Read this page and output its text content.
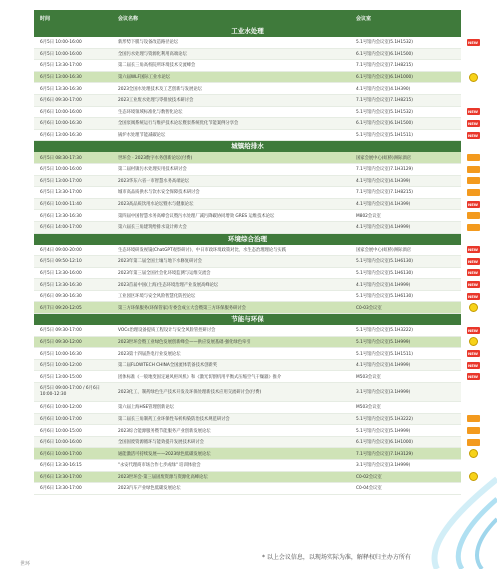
时间	会议名称	会议室
工业水处理
6月5日 10:00-16:00	新形势下膜与设备改造路径论坛	5.1号馆内会议室(5.1H1532)	NEW
6月5日 10:00-16:00	全国污水处理与资源化利用高端论坛	6.1号馆内会议室(6.1H1500)
6月5日 13:30-17:00	第二届长三角高校院所环境技术交流峰会	7.1号馆内会议室(7.1H8215)
6月5日 13:00-16:30	第六届WLF国际工业水论坛	6.1号馆内会议室(6.1H1000)
6月5日 13:30-16:30	2023全国水处理技术及工艺创新与发展论坛	4.1号馆内会议室(4.1H390)
6月6日 09:30-17:00	2023工业废水处理与零排放技术研讨会	7.1号馆内会议室(7.1H8215)
6月6日 10:00-16:00	生态环境领域标准化与数智化论坛	5.1号馆内会议室(5.1H1532)	NEW
6月6日 10:00-16:30	全国泵阀系统运行与维护技术论坛暨泵系统优化节能案例分享会	6.1号馆内会议室(6.1H1500)	NEW
6月6日 13:00-16:30	锅炉水处理节能减碳论坛	5.1号馆内会议室(5.1H1511)	NEW
城镇给排水
6月5日 08:30-17:30	世环会 · 2023数字水务创新论坛(付费)	国家会展中心(虹桥)洲际酒店
6月5日 10:00-16:00	第二届村镇污水处理实用技术研讨会	7.1号馆内会议室(7.1H3129)
6月5日 13:00-17:00	2023华东六省一市智慧水务高端论坛	4.1号馆内会议室(4.1H399)
6月5日 13:30-17:00	城市高品质供水与饮水安全保障技术研讨会	7.1号馆内会议室(7.1H8215)
6月6日 10:00-11:40	2023高品质饮用水论坛暨水与健康论坛	4.1号馆内会议室(4.1H399)	NEW
6月6日 13:30-16:30	第四届中国智慧水务高峰会议暨污水处理厂减污降碳协同增效 GRES 运维技术论坛	M802会议室
6月6日 14:00-17:00	第六届长三角建筑给排水设计师大会	4.1号馆内会议室(4.1H999)
环境综合治理
6月4日 09:00-20:00	生态环境研发视镜(ChatGPT观察研讨)、中日市政环境政策对比、水生态治理理论与实践	国家会展中心(虹桥)洲际酒店	NEW
6月5日 09:50-12:10	2023年第二届全国土壤与地下水修复研讨会	5.1号馆内会议室(5.1H6130)	NEW
6月5日 13:30-16:00	2023年第三届全国社会化环境监测与运维交流会	5.1号馆内会议室(5.1H6130)	NEW
6月5日 13:30-16:30	2023首届中国(上海)生态环境治理产业发展高峰论坛	4.1号馆内会议室(4.1H999)	NEW
6月6日 09:30-16:30	工业园区环境与安全风险智慧化防控论坛	5.1号馆内会议室(5.1H6130)	NEW
6月7日 09:20-12:05	第三方环保服务(环保管家)专委会成立大会暨第三方环保服务研讨会	C0-03会议室
节能与环保
6月5日 09:30-17:00	VOCs治理设备提质工程设计与安全风险管控研讨会	5.1号馆内会议室(5.1H3222)	NEW
6月5日 09:30-12:00	2023世环会暨工业绿色发展创新峰会——供应发展基础·强化绿色牵引	5.1号馆内会议室(5.1H999)
6月5日 10:00-16:30	2023第十四届热电行业发展论坛	5.1号馆内会议室(5.1H1511)	NEW
6月5日 10:00-12:00	第二届FLOWTECH CHINA全国流体装备技术创新奖	4.1号馆内会议室(4.1H999)	NEW
6月5日 13:00-15:00	团体标准《一般地变固定通风柜风机》和《激光切割机用平衡式压缩空气干燥器》推介	M503会议室	NEW
6月5日 09:00-17:00 / 6月6日 10:00-12:30	2023化工、制药绿色生产技术开发及环保处理新技术应用交流研讨会(付费)	3.1号馆内会议室(3.1H999)
6月6日 10:00-12:00	第六届上海HSE管理创新论坛	M503会议室
6月6日 10:00-17:00	第二届长三角制药工业环保性布析构染防治技术规范研讨会	5.1号馆内会议室(5.1H3222)
6月6日 10:00-15:00	2023综合能源服务暨节能服务产业创新发展论坛	5.1号馆内会议室(5.1H999)
6月6日 10:00-16:00	全国固废资源循环与能效提升发展技术研讨会	6.1号馆内会议室(6.1H1000)
6月6日 10:00-17:00	通能激活可持续发展——2023绿色低碳发展论坛	7.1号馆内会议室(7.1H3129)
6月6日 13:30-16:15	"永安代理商市场合作七步成绿" 培训体验会	3.1号馆内会议室(3.1H999)
6月6日 13:30-17:00	2023世环会·第三届固废资源与资源化高峰论坛	C0-02会议室
6月6日 13:30-17:00	2023汽车产业绿色低碳发展论坛	C0-04会议室
* 以上会议信息，以现场实际为准，解释权归主办方所有
世环
